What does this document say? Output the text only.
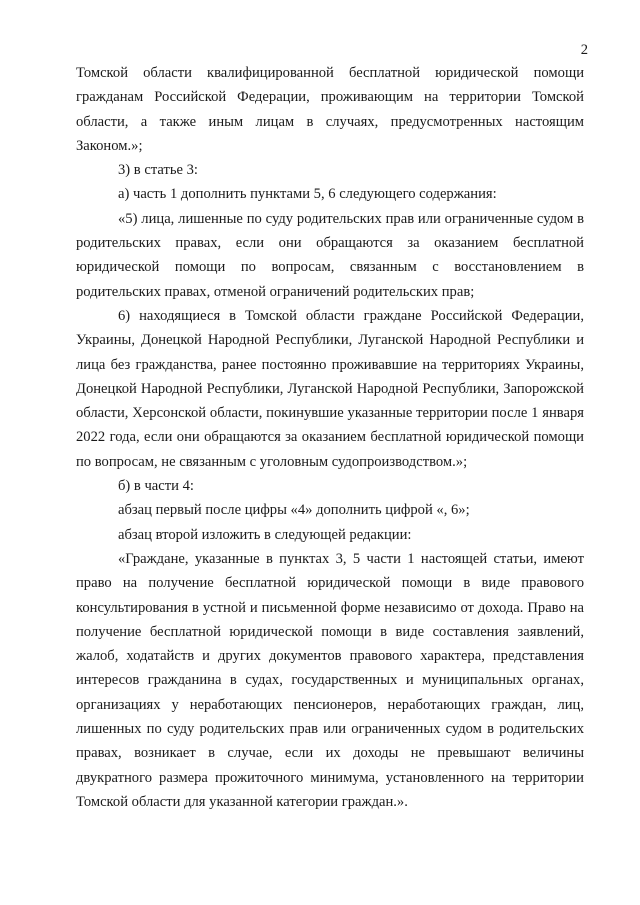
2

Томской области квалифицированной бесплатной юридической помощи гражданам Российской Федерации, проживающим на территории Томской области, а также иным лицам в случаях, предусмотренных настоящим Законом.»;

3) в статье 3:

а) часть 1 дополнить пунктами 5, 6 следующего содержания:

«5) лица, лишенные по суду родительских прав или ограниченные судом в родительских правах, если они обращаются за оказанием бесплатной юридической помощи по вопросам, связанным с восстановлением в родительских правах, отменой ограничений родительских прав;

6) находящиеся в Томской области граждане Российской Федерации, Украины, Донецкой Народной Республики, Луганской Народной Республики и лица без гражданства, ранее постоянно проживавшие на территориях Украины, Донецкой Народной Республики, Луганской Народной Республики, Запорожской области, Херсонской области, покинувшие указанные территории после 1 января 2022 года, если они обращаются за оказанием бесплатной юридической помощи по вопросам, не связанным с уголовным судопроизводством.»;

б) в части 4:

абзац первый после цифры «4» дополнить цифрой «, 6»;

абзац второй изложить в следующей редакции:

«Граждане, указанные в пунктах 3, 5 части 1 настоящей статьи, имеют право на получение бесплатной юридической помощи в виде правового консультирования в устной и письменной форме независимо от дохода. Право на получение бесплатной юридической помощи в виде составления заявлений, жалоб, ходатайств и других документов правового характера, представления интересов гражданина в судах, государственных и муниципальных органах, организациях у неработающих пенсионеров, неработающих граждан, лиц, лишенных по суду родительских прав или ограниченных судом в родительских правах, возникает в случае, если их доходы не превышают величины двукратного размера прожиточного минимума, установленного на территории Томской области для указанной категории граждан.».
